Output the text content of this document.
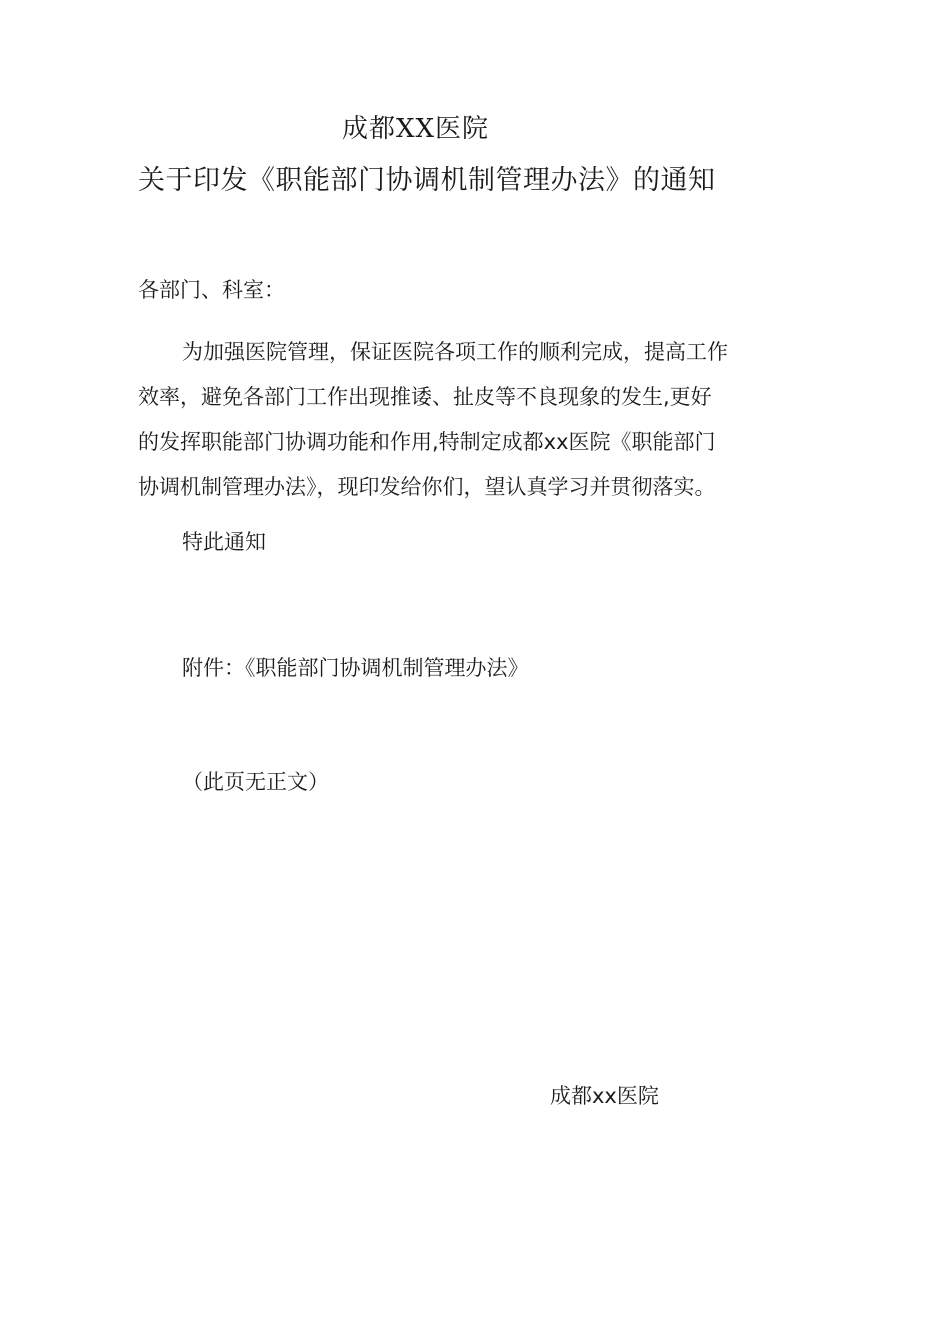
成都XX医院
关于印发《职能部门协调机制管理办法》的通知
各部门、科室：
为加强医院管理，保证医院各项工作的顺利完成，提高工作
效率，避免各部门工作出现推诿、扯皮等不良现象的发生,更好
的发挥职能部门协调功能和作用,特制定成都xx医院《职能部门
协调机制管理办法》，现印发给你们，望认真学习并贯彻落实。
特此通知
附件：《职能部门协调机制管理办法》
（此页无正文）
成都xx医院
